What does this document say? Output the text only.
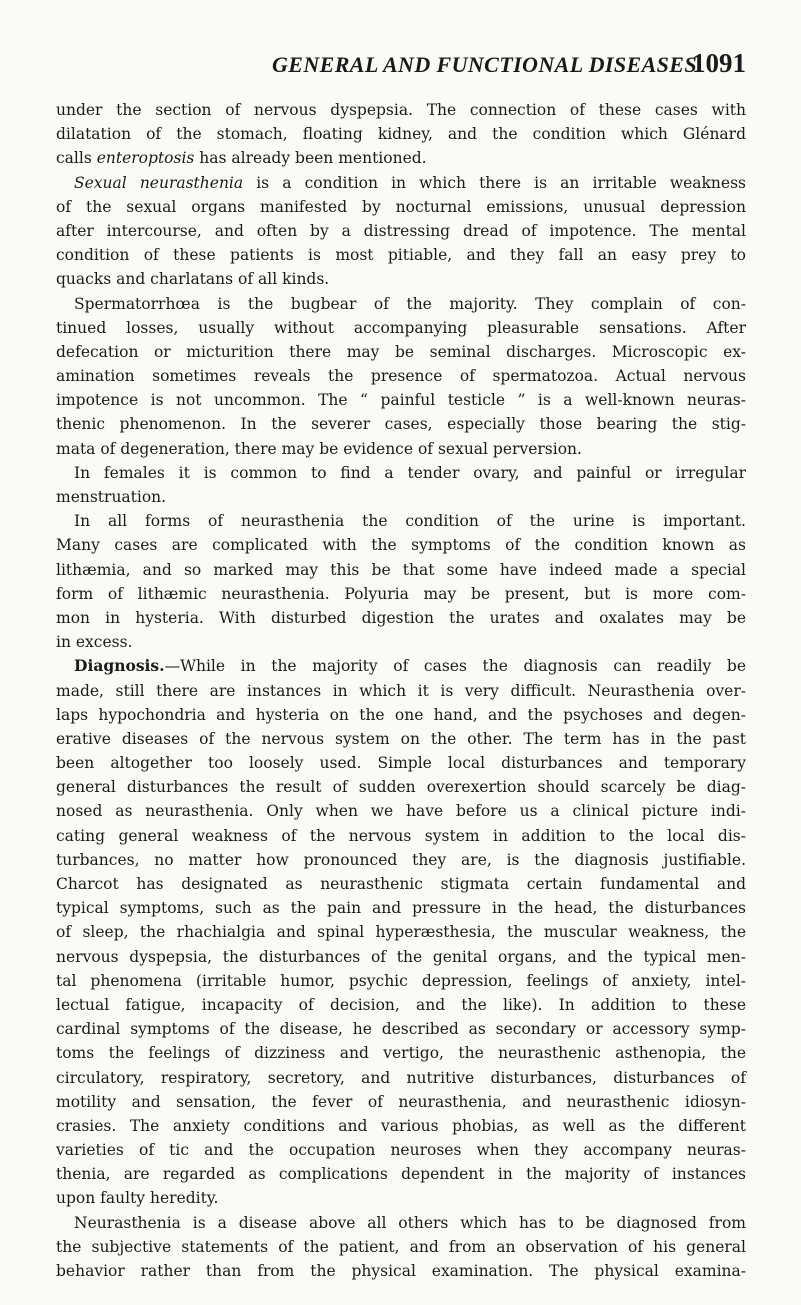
GENERAL AND FUNCTIONAL DISEASES.
1091
under the section of nervous dyspepsia. The connection of these cases with
dilatation of the stomach, floating kidney, and the condition which Glénard
calls enteroptosis has already been mentioned.
Sexual neurasthenia is a condition in which there is an irritable weakness
of the sexual organs manifested by nocturnal emissions, unusual depression
after intercourse, and often by a distressing dread of impotence. The mental
condition of these patients is most pitiable, and they fall an easy prey to
quacks and charlatans of all kinds.
Spermatorrhœa is the bugbear of the majority. They complain of con-
tinued losses, usually without accompanying pleasurable sensations. After
defecation or micturition there may be seminal discharges. Microscopic ex-
amination sometimes reveals the presence of spermatozoa. Actual nervous
impotence is not uncommon. The “ painful testicle ” is a well-known neuras-
thenic phenomenon. In the severer cases, especially those bearing the stig-
mata of degeneration, there may be evidence of sexual perversion.
In females it is common to find a tender ovary, and painful or irregular
menstruation.
In all forms of neurasthenia the condition of the urine is important.
Many cases are complicated with the symptoms of the condition known as
lithæmia, and so marked may this be that some have indeed made a special
form of lithæmic neurasthenia. Polyuria may be present, but is more com-
mon in hysteria. With disturbed digestion the urates and oxalates may be
in excess.
Diagnosis.—While in the majority of cases the diagnosis can readily be
made, still there are instances in which it is very difficult. Neurasthenia over-
laps hypochondria and hysteria on the one hand, and the psychoses and degen-
erative diseases of the nervous system on the other. The term has in the past
been altogether too loosely used. Simple local disturbances and temporary
general disturbances the result of sudden overexertion should scarcely be diag-
nosed as neurasthenia. Only when we have before us a clinical picture indi-
cating general weakness of the nervous system in addition to the local dis-
turbances, no matter how pronounced they are, is the diagnosis justifiable.
Charcot has designated as neurasthenic stigmata certain fundamental and
typical symptoms, such as the pain and pressure in the head, the disturbances
of sleep, the rhachialgia and spinal hyperæsthesia, the muscular weakness, the
nervous dyspepsia, the disturbances of the genital organs, and the typical men-
tal phenomena (irritable humor, psychic depression, feelings of anxiety, intel-
lectual fatigue, incapacity of decision, and the like). In addition to these
cardinal symptoms of the disease, he described as secondary or accessory symp-
toms the feelings of dizziness and vertigo, the neurasthenic asthenopia, the
circulatory, respiratory, secretory, and nutritive disturbances, disturbances of
motility and sensation, the fever of neurasthenia, and neurasthenic idiosyn-
crasies. The anxiety conditions and various phobias, as well as the different
varieties of tic and the occupation neuroses when they accompany neuras-
thenia, are regarded as complications dependent in the majority of instances
upon faulty heredity.
Neurasthenia is a disease above all others which has to be diagnosed from
the subjective statements of the patient, and from an observation of his general
behavior rather than from the physical examination. The physical examina-
